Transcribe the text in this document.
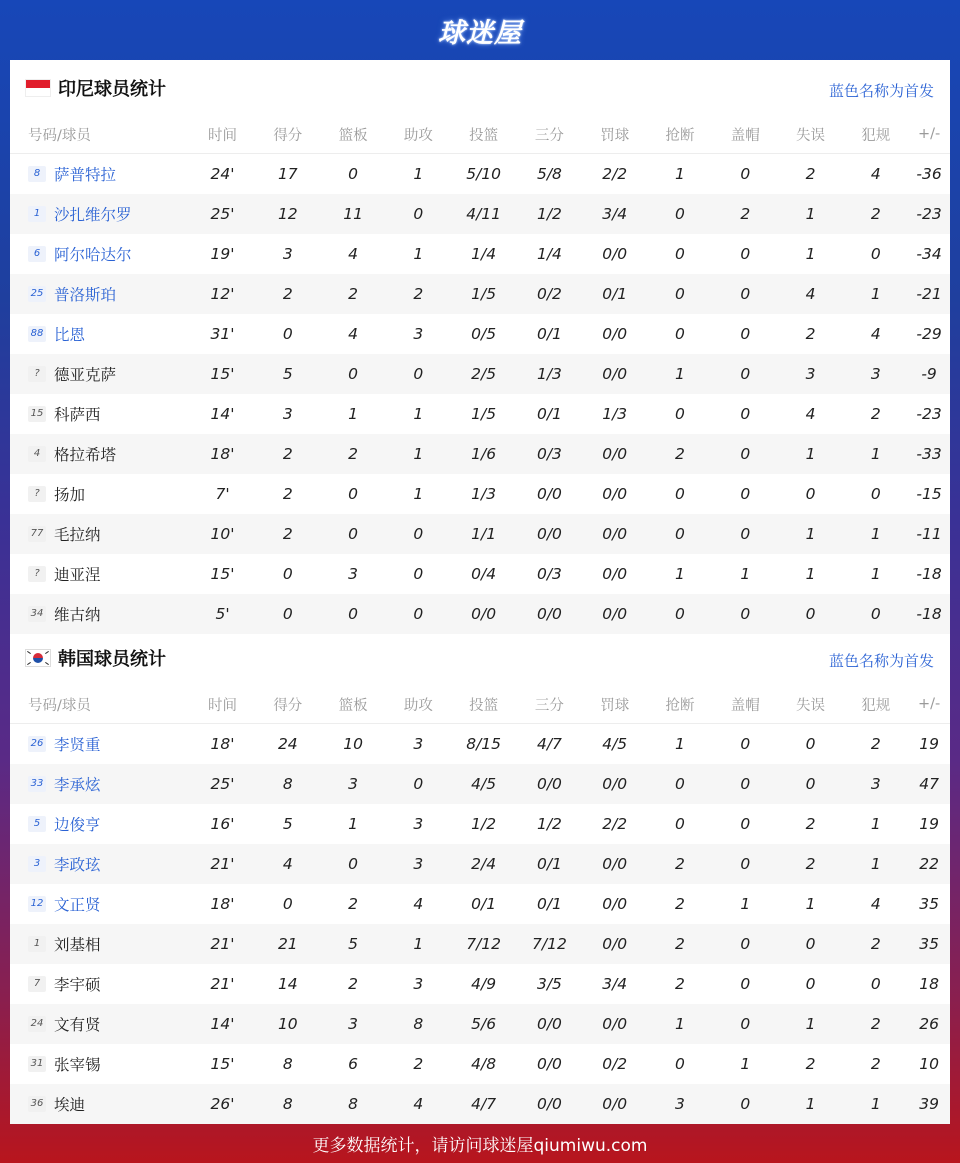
球迷屋
印尼球员统计	蓝色名称为首发
号码/球员	时间	得分	篮板	助攻	投篮	三分	罚球	抢断	盖帽	失误	犯规	+/-
8 萨普特拉	24'	17	0	1	5/10	5/8	2/2	1	0	2	4	-36
1 沙扎维尔罗	25'	12	11	0	4/11	1/2	3/4	0	2	1	2	-23
6 阿尔哈达尔	19'	3	4	1	1/4	1/4	0/0	0	0	1	0	-34
25 普洛斯珀	12'	2	2	2	1/5	0/2	0/1	0	0	4	1	-21
88 比恩	31'	0	4	3	0/5	0/1	0/0	0	0	2	4	-29
? 德亚克萨	15'	5	0	0	2/5	1/3	0/0	1	0	3	3	-9
15 科萨西	14'	3	1	1	1/5	0/1	1/3	0	0	4	2	-23
4 格拉希塔	18'	2	2	1	1/6	0/3	0/0	2	0	1	1	-33
? 扬加	7'	2	0	1	1/3	0/0	0/0	0	0	0	0	-15
77 毛拉纳	10'	2	0	0	1/1	0/0	0/0	0	0	1	1	-11
? 迪亚涅	15'	0	3	0	0/4	0/3	0/0	1	1	1	1	-18
34 维古纳	5'	0	0	0	0/0	0/0	0/0	0	0	0	0	-18
韩国球员统计	蓝色名称为首发
号码/球员	时间	得分	篮板	助攻	投篮	三分	罚球	抢断	盖帽	失误	犯规	+/-
26 李贤重	18'	24	10	3	8/15	4/7	4/5	1	0	0	2	19
33 李承炫	25'	8	3	0	4/5	0/0	0/0	0	0	0	3	47
5 边俊亨	16'	5	1	3	1/2	1/2	2/2	0	0	2	1	19
3 李政玹	21'	4	0	3	2/4	0/1	0/0	2	0	2	1	22
12 文正贤	18'	0	2	4	0/1	0/1	0/0	2	1	1	4	35
1 刘基相	21'	21	5	1	7/12	7/12	0/0	2	0	0	2	35
7 李宇硕	21'	14	2	3	4/9	3/5	3/4	2	0	0	0	18
24 文有贤	14'	10	3	8	5/6	0/0	0/0	1	0	1	2	26
31 张宰锡	15'	8	6	2	4/8	0/0	0/2	0	1	2	2	10
36 埃迪	26'	8	8	4	4/7	0/0	0/0	3	0	1	1	39
更多数据统计，请访问球迷屋qiumiwu.com
